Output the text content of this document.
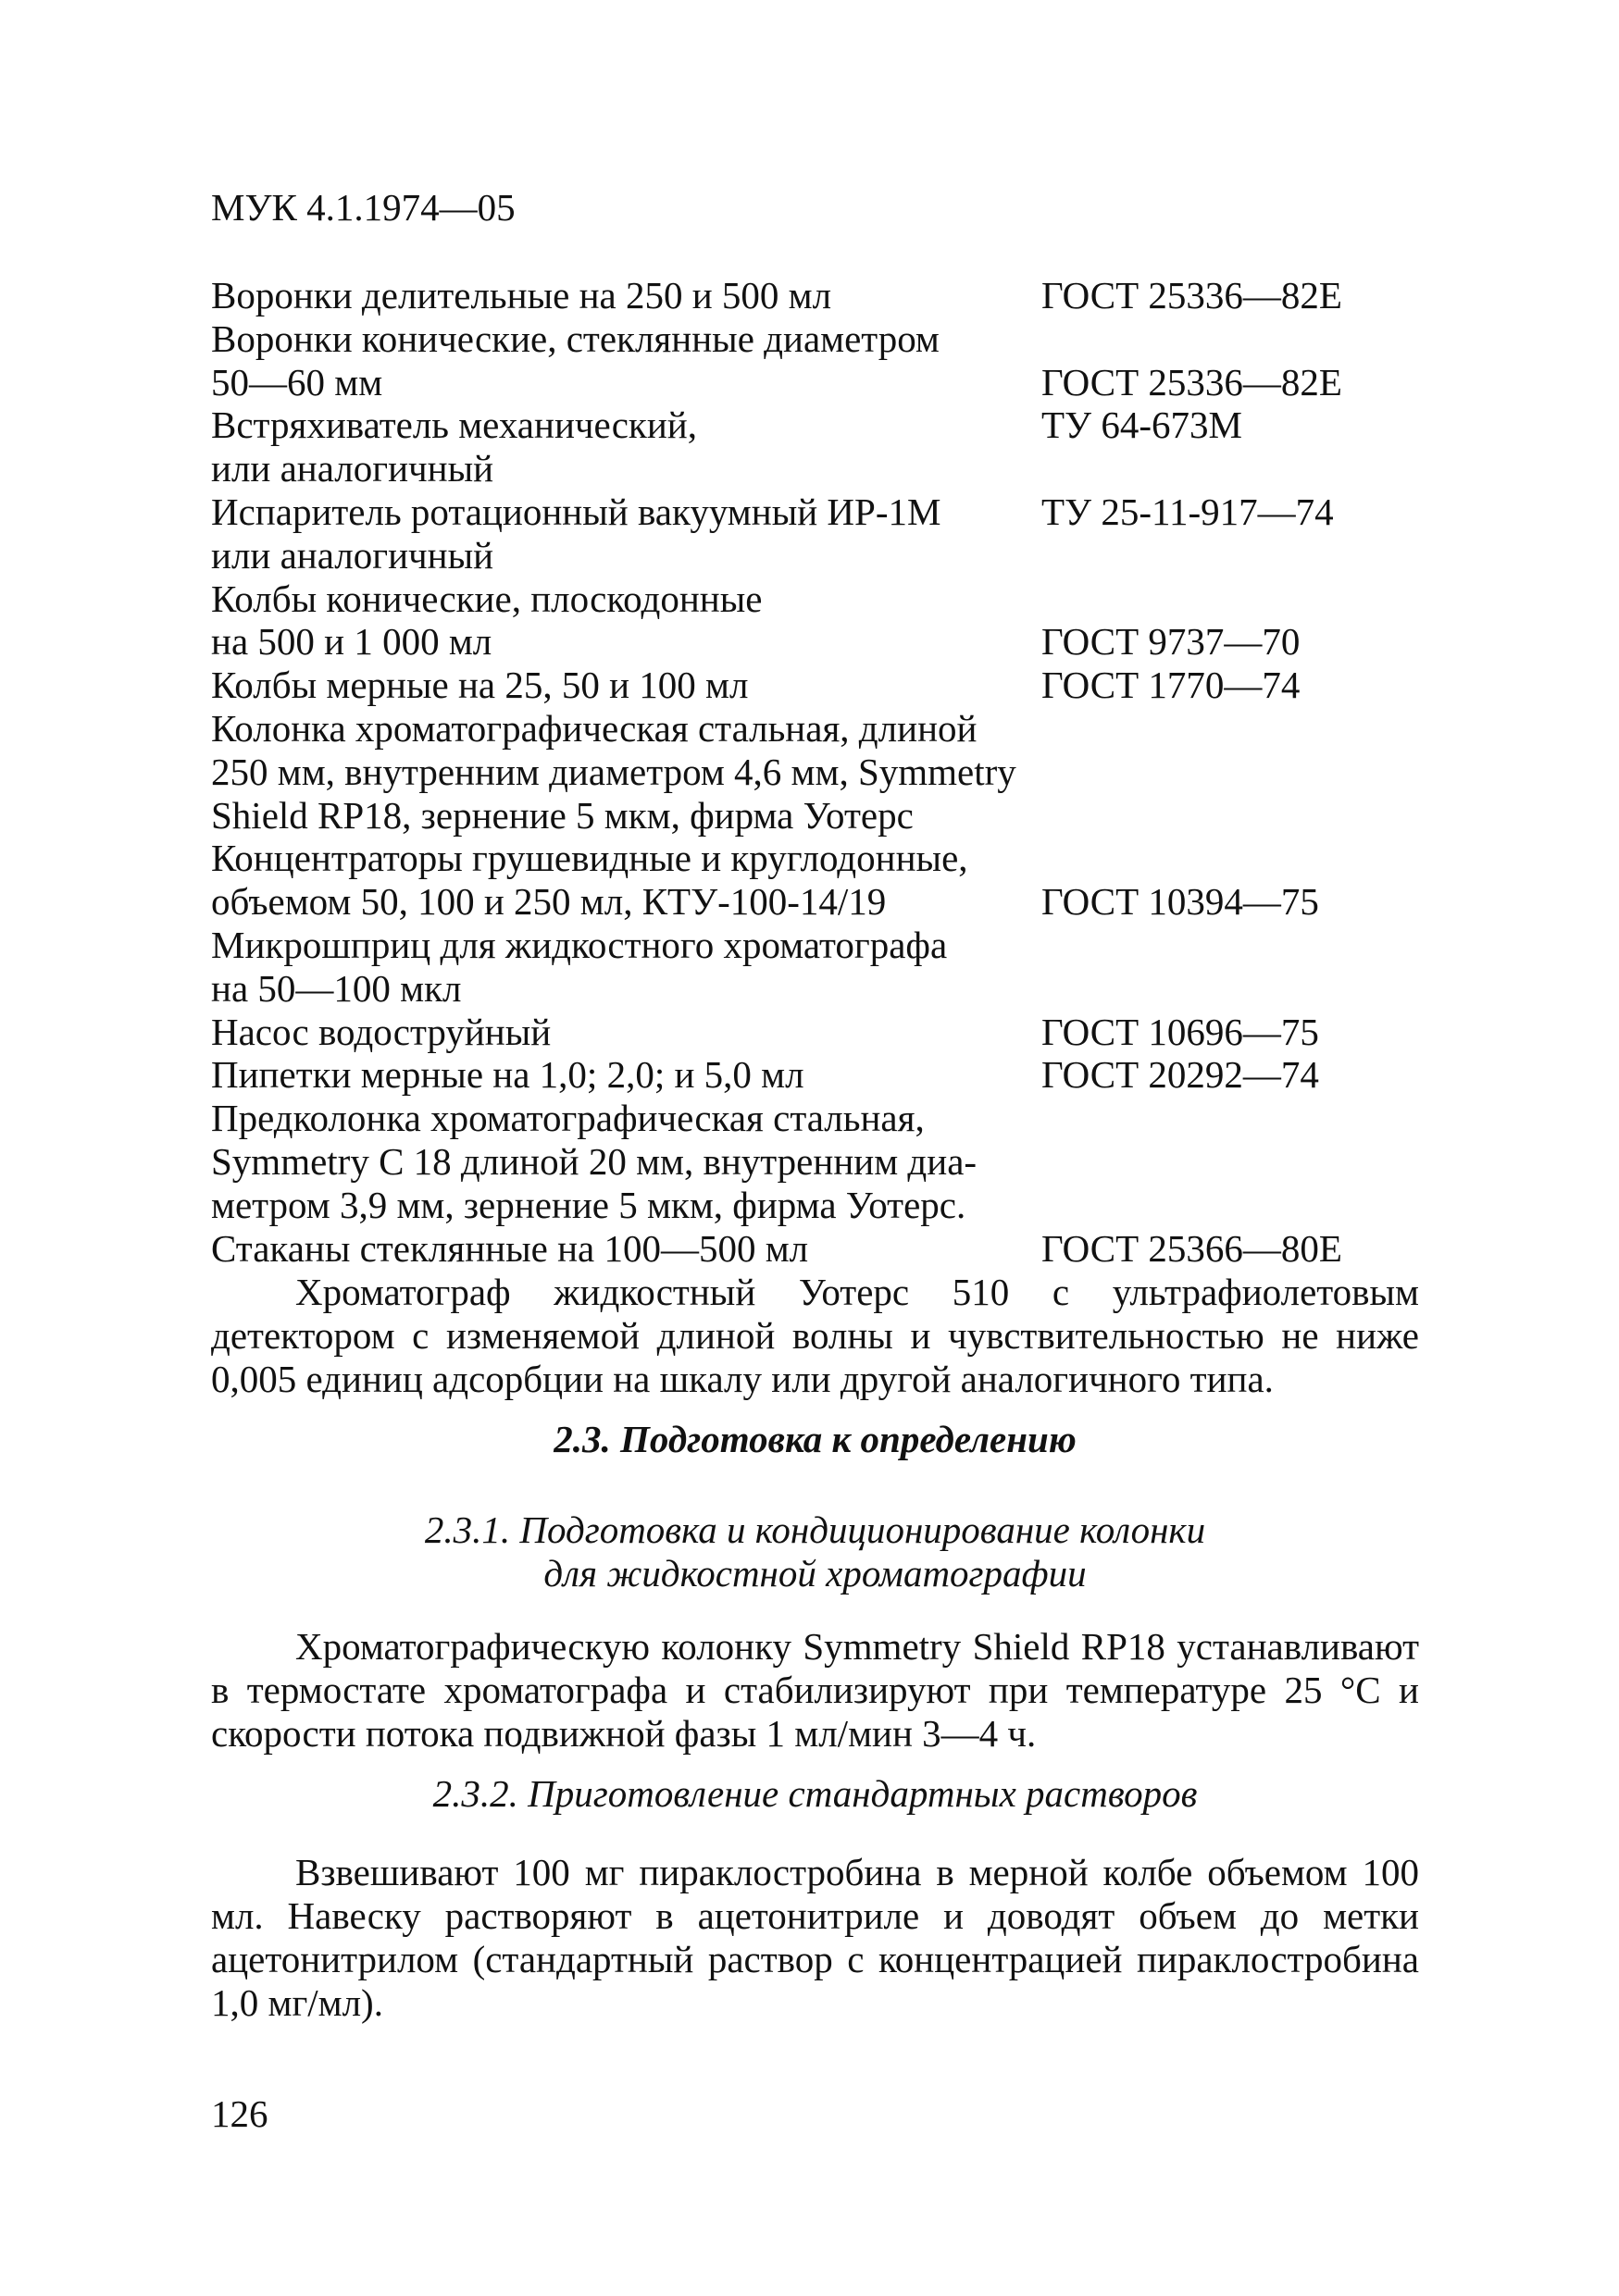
МУК 4.1.1974—05
Воронки делительные на 250 и 500 мл	ГОСТ 25336—82Е
Воронки конические, стеклянные диаметром
50—60 мм	ГОСТ 25336—82Е
Встряхиватель механический,	ТУ 64-673М
или аналогичный
Испаритель ротационный вакуумный ИР-1М	ТУ 25-11-917—74
или аналогичный
Колбы конические, плоскодонные
на 500 и 1 000 мл	ГОСТ 9737—70
Колбы мерные на 25, 50 и 100 мл	ГОСТ 1770—74
Колонка хроматографическая стальная, длиной
250 мм, внутренним диаметром 4,6 мм, Symmetry
Shield RP18, зернение 5 мкм, фирма Уотерс
Концентраторы грушевидные и круглодонные,
объемом 50, 100 и 250 мл, КТУ-100-14/19	ГОСТ 10394—75
Микрошприц для жидкостного хроматографа
на 50—100 мкл
Насос водоструйный	ГОСТ 10696—75
Пипетки мерные на 1,0; 2,0; и 5,0 мл	ГОСТ 20292—74
Предколонка хроматографическая стальная,
Symmetry C 18 длиной 20 мм, внутренним диа-
метром 3,9 мм, зернение 5 мкм, фирма Уотерс.
Стаканы стеклянные на 100—500 мл	ГОСТ 25366—80Е
Хроматограф жидкостный Уотерс 510 с ультрафиолетовым детектором с изменяемой длиной волны и чувствительностью не ниже 0,005 единиц адсорбции на шкалу или другой аналогичного типа.
2.3. Подготовка к определению
2.3.1. Подготовка и кондиционирование колонки
для жидкостной хроматографии
Хроматографическую колонку Symmetry Shield RP18 устанавливают в термостате хроматографа и стабилизируют при температуре 25 °С и скорости потока подвижной фазы 1 мл/мин 3—4 ч.
2.3.2. Приготовление стандартных растворов
Взвешивают 100 мг пираклостробина в мерной колбе объемом 100 мл. Навеску растворяют в ацетонитриле и доводят объем до метки ацетонитрилом (стандартный раствор с концентрацией пираклостробина 1,0 мг/мл).
126
